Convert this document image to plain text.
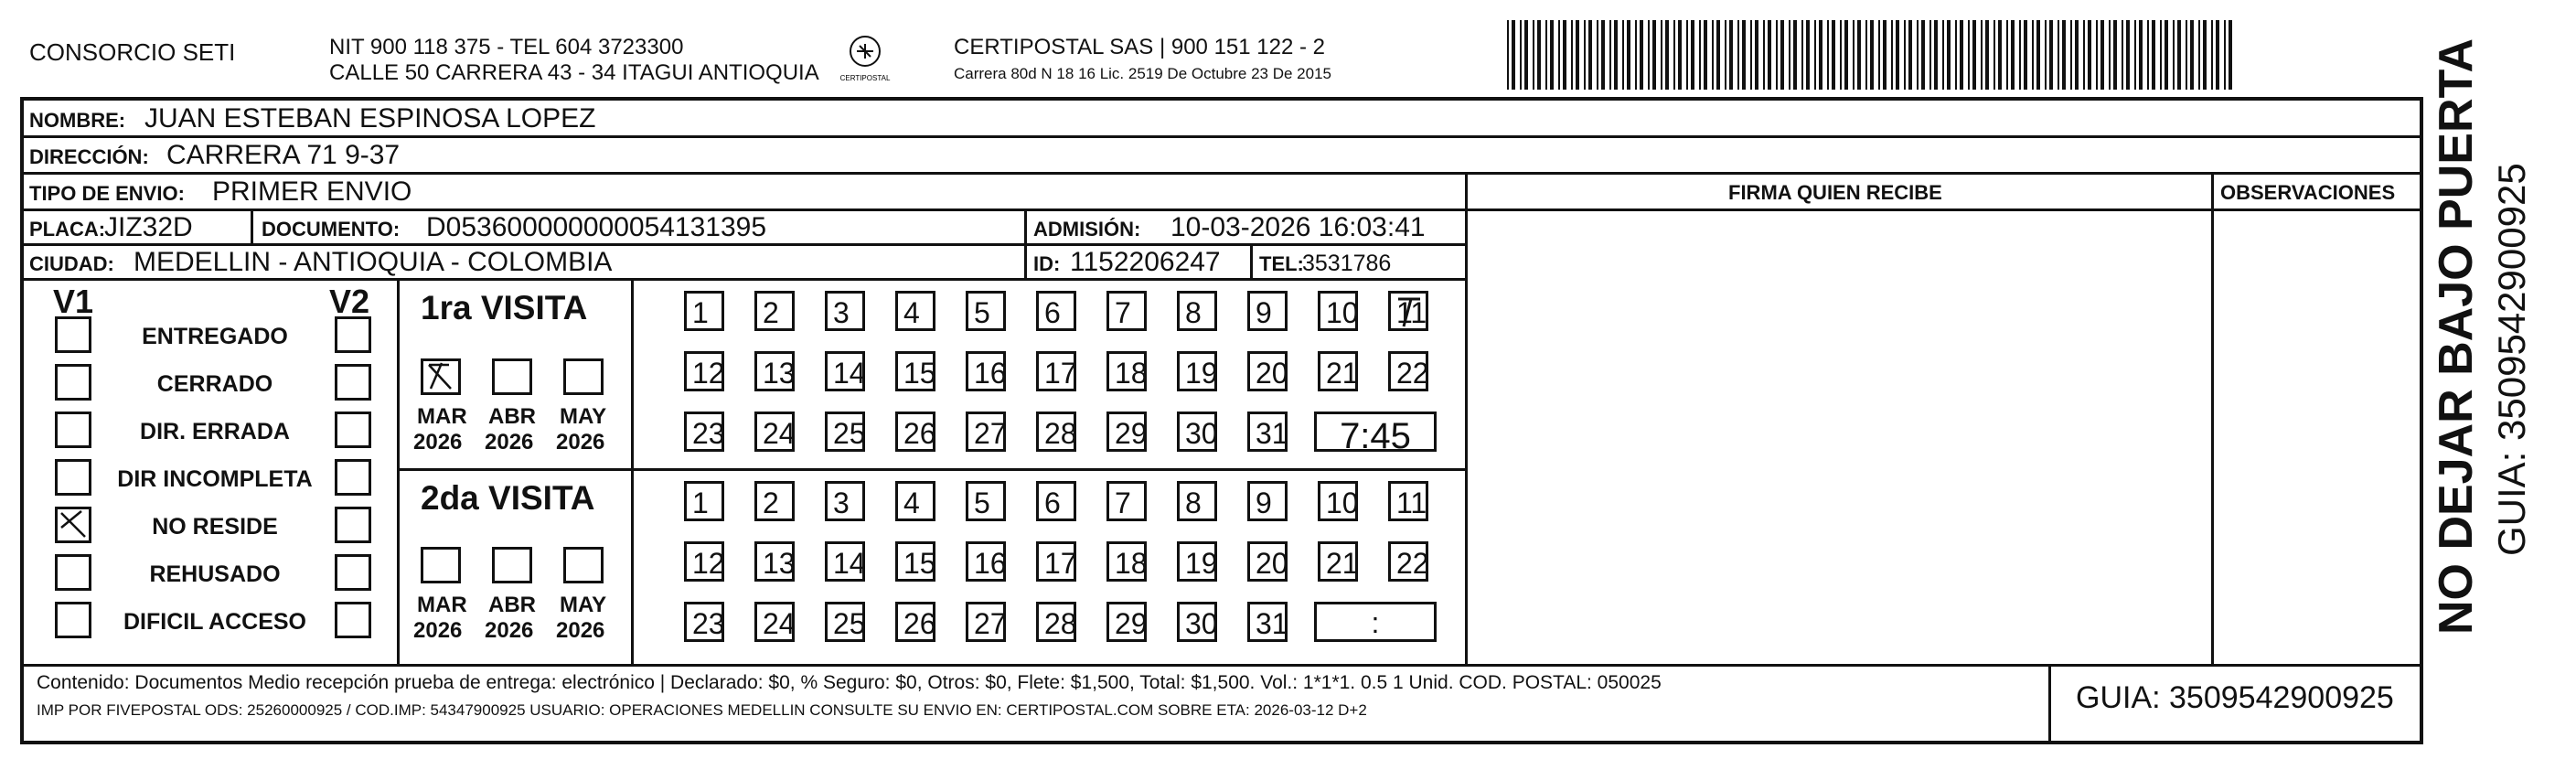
CONSORCIO SETI	NIT 900 118 375 - TEL 604 3723300
CALLE 50 CARRERA 43 - 34 ITAGUI ANTIOQUIA	CERTIPOSTAL
CERTIPOSTAL SAS | 900 151 122 - 2
Carrera 80d N 18 16 Lic. 2519 De Octubre 23 De 2015
NOMBRE: JUAN ESTEBAN ESPINOSA LOPEZ
DIRECCIÓN: CARRERA 71 9-37
TIPO DE ENVIO: PRIMER ENVIO
PLACA:
JIZ32D	DOCUMENTO: D053600000000054131395	ADMISIÓN: 10-03-2026 16:03:41
CIUDAD: MEDELLIN - ANTIOQUIA - COLOMBIA	ID: 1152206247 TEL:
3531786
FIRMA QUIEN RECIBE	OBSERVACIONES
V1	V2
ENTREGADO
CERRADO
DIR. ERRADA
DIR INCOMPLETA
NO RESIDE
REHUSADO
DIFICIL ACCESO
1ra VISITA
2da VISITA
MAR
2026
ABR
2026
MAY
2026
MAR
2026
ABR
2026
MAY
2026
1 2 3 4 5 6 7 8 9 10 11
12 13 14 15 16 17 18 19 20 21 22
23 24 25 26 27 28 29 30 31	7:45
1 2 3 4 5 6 7 8 9 10 11
12 13 14 15 16 17 18 19 20 21 22
23 24 25 26 27 28 29 30 31	:
Contenido: Documentos Medio recepción prueba de entrega: electrónico | Declarado: $0, % Seguro: $0, Otros: $0, Flete: $1,500, Total: $1,500. Vol.: 1*1*1. 0.5 1 Unid. COD. POSTAL: 050025
IMP POR FIVEPOSTAL ODS: 25260000925 / COD.IMP: 54347900925 USUARIO: OPERACIONES MEDELLIN CONSULTE SU ENVIO EN: CERTIPOSTAL.COM SOBRE ETA: 2026-03-12 D+2	GUIA: 3509542900925
NO DEJAR BAJO PUERTA GUIA: 3509542900925
